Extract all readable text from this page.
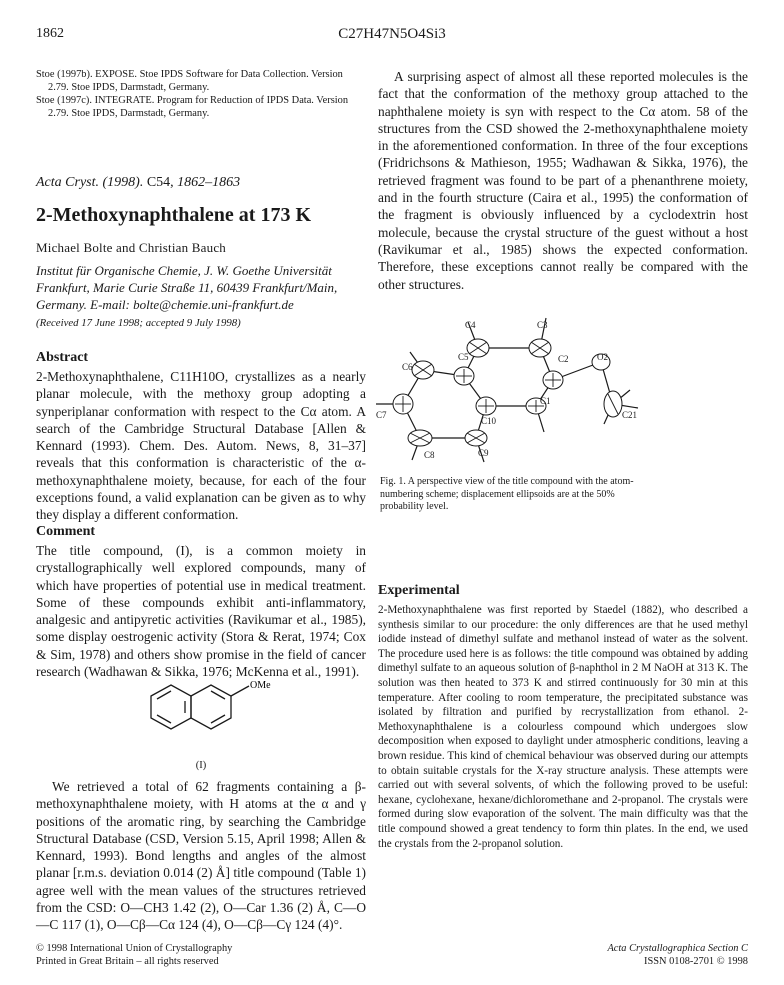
1862	C27H47N5O4Si3
Stoe (1997b). EXPOSE. Stoe IPDS Software for Data Collection. Version 2.79. Stoe IPDS, Darmstadt, Germany.
Stoe (1997c). INTEGRATE. Program for Reduction of IPDS Data. Version 2.79. Stoe IPDS, Darmstadt, Germany.
Acta Cryst. (1998). C54, 1862–1863
2-Methoxynaphthalene at 173 K
Michael Bolte and Christian Bauch
Institut für Organische Chemie, J. W. Goethe Universität Frankfurt, Marie Curie Straße 11, 60439 Frankfurt/Main, Germany. E-mail: bolte@chemie.uni-frankfurt.de
(Received 17 June 1998; accepted 9 July 1998)
Abstract
2-Methoxynaphthalene, C11H10O, crystallizes as a nearly planar molecule, with the methoxy group adopting a synperiplanar conformation with respect to the Cα atom. A search of the Cambridge Structural Database [Allen & Kennard (1993). Chem. Des. Autom. News, 8, 31–37] reveals that this conformation is characteristic of the α-methoxynaphthalene moiety, because, for each of the four exceptions found, a valid explanation can be given as to why they display a different conformation.
Comment
The title compound, (I), is a common moiety in crystallographically well explored compounds, many of which have properties of potential use in medical treatment. Some of these compounds exhibit anti-inflammatory, analgesic and antipyretic activities (Ravikumar et al., 1985), some display oestrogenic activity (Stora & Rerat, 1974; Cox & Sim, 1978) and others show promise in the field of cancer research (Wadhawan & Sikka, 1976; McKenna et al., 1991).
OMe
(I)
We retrieved a total of 62 fragments containing a β-methoxynaphthalene moiety, with H atoms at the α and γ positions of the aromatic ring, by searching the Cambridge Structural Database (CSD, Version 5.15, April 1998; Allen & Kennard, 1993). Bond lengths and angles of the almost planar [r.m.s. deviation 0.014 (2) Å] title compound (Table 1) agree well with the mean values of the structures retrieved from the CSD: O—CH3 1.42 (2), O—Car 1.36 (2) Å, C—O—C 117 (1), O—Cβ—Cα 124 (4), O—Cβ—Cγ 124 (4)°.
A surprising aspect of almost all these reported molecules is the fact that the conformation of the methoxy group attached to the naphthalene moiety is syn with respect to the Cα atom. 58 of the structures from the CSD showed the 2-methoxynaphthalene moiety in the aforementioned conformation. In three of the four exceptions (Fridrichsons & Mathieson, 1955; Wadhawan & Sikka, 1976), the retrieved fragment was found to be part of a phenanthrene moiety, and in the fourth structure (Caira et al., 1995) the conformation of the fragment is obviously influenced by a cyclodextrin host molecule, because the crystal structure of the guest without a host (Ravikumar et al., 1985) shows the expected conformation. Therefore, these exceptions cannot really be compared with the other structures.
C4	C3
C5
C6
C2	O2
C1
C21
C7
C10
C8	C9
Fig. 1. A perspective view of the title compound with the atom-numbering scheme; displacement ellipsoids are at the 50% probability level.
Experimental
2-Methoxynaphthalene was first reported by Staedel (1882), who described a synthesis similar to our procedure: the only differences are that he used methyl iodide instead of dimethyl sulfate and methanol instead of water as the solvent. The procedure used here is as follows: the title compound was obtained by adding dimethyl sulfate to an aqueous solution of β-naphthol in 2 M NaOH at 313 K. The solution was then heated to 373 K and stirred continuously for 30 min at this temperature. After cooling to room temperature, the precipitated substance was isolated by filtration and purified by recrystallization from ethanol. 2-Methoxynaphthalene is a colourless compound which undergoes slow decomposition when exposed to daylight under atmospheric conditions, leaving a brown residue. This kind of chemical behaviour was observed during our attempts to obtain suitable crystals for the X-ray structure analysis. These attempts were carried out with several solvents, of which the following proved to be useful: hexane, cyclohexane, hexane/dichloromethane and 2-propanol. The crystals were formed during slow evaporation of the solvent. The main difficulty was that the title compound showed a great tendency to form thin plates. In the end, we used the crystals from the 2-propanol solution.
© 1998 International Union of Crystallography
Printed in Great Britain – all rights reserved
Acta Crystallographica Section C
ISSN 0108-2701 © 1998
